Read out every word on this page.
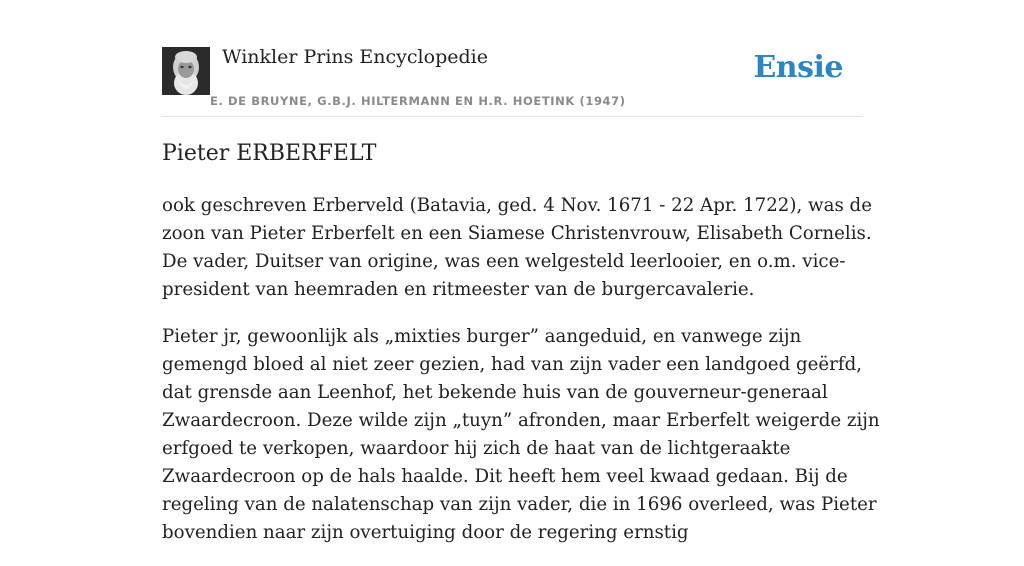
Winkler Prins Encyclopedie
E. DE BRUYNE, G.B.J. HILTERMANN EN H.R. HOETINK (1947)
Ensie
Pieter ERBERFELT

ook geschreven Erberveld (Batavia, ged. 4 Nov. 1671 - 22 Apr. 1722), was de zoon van Pieter Erberfelt en een Siamese Christenvrouw, Elisabeth Cornelis. De vader, Duitser van origine, was een welgesteld leerlooier, en o.m. vice-president van heemraden en ritmeester van de burgercavalerie.

Pieter jr, gewoonlijk als „mixties burger” aangeduid, en vanwege zijn gemengd bloed al niet zeer gezien, had van zijn vader een landgoed geërfd, dat grensde aan Leenhof, het bekende huis van de gouverneur-generaal Zwaardecroon. Deze wilde zijn „tuyn” afronden, maar Erberfelt weigerde zijn erfgoed te verkopen, waardoor hij zich de haat van de lichtgeraakte Zwaardecroon op de hals haalde. Dit heeft hem veel kwaad gedaan. Bij de regeling van de nalatenschap van zijn vader, die in 1696 overleed, was Pieter bovendien naar zijn overtuiging door de regering ernstig
